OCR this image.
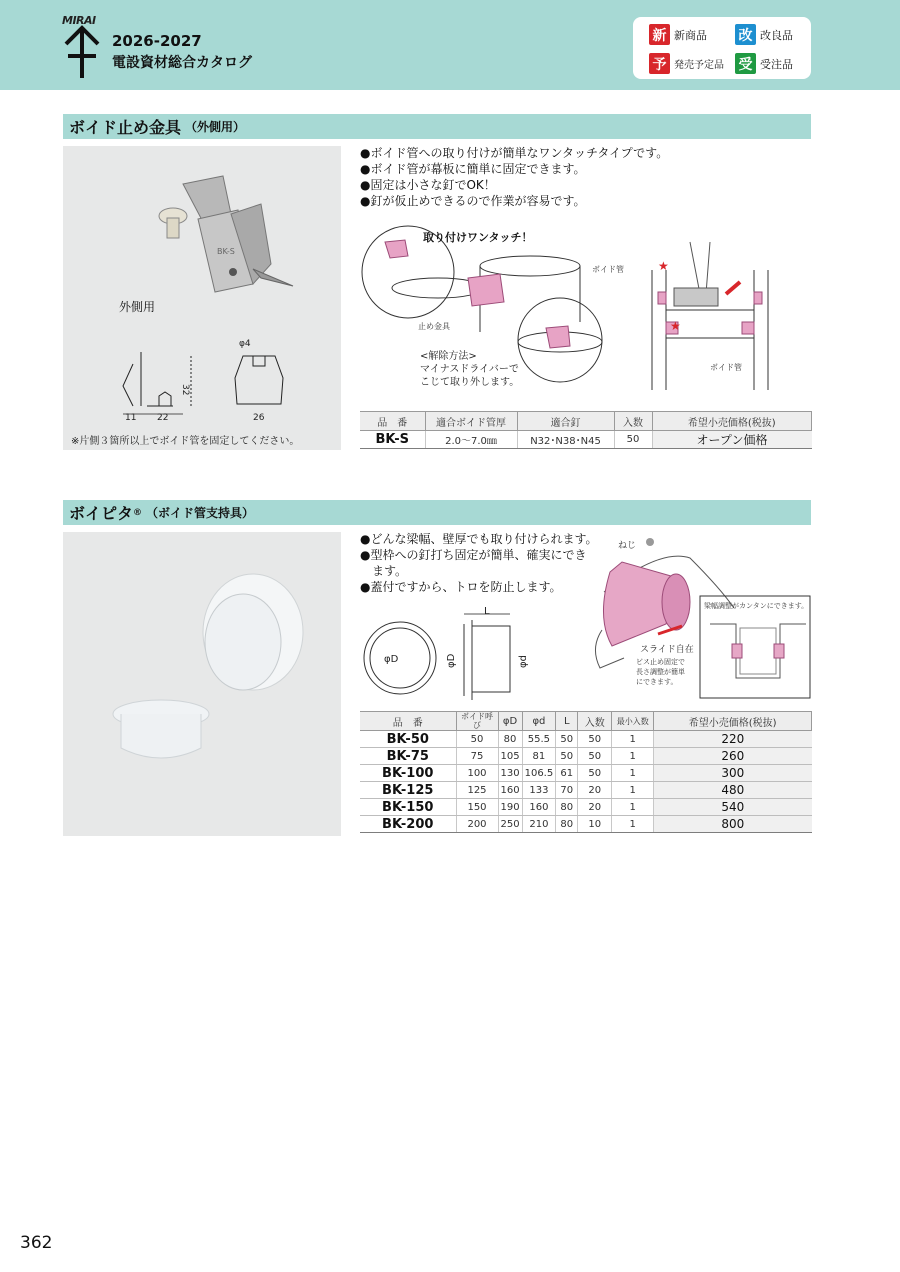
MIRAI
2026-2027
電設資材総合カタログ
新 新商品 改 改良品
予 発売予定品 受 受注品
ボイド止め金具 （外側用）
BK-S
外側用
32
φ4
11 22	26
※片側３箇所以上でボイド管を固定してください。

●ボイド管への取り付けが簡単なワンタッチタイプです。

●ボイド管が幕板に簡単に固定できます。

●固定は小さな釘でOK！

●釘が仮止めできるので作業が容易です。

★
★
取り付けワンタッチ！
ボイド管
止め金具
<解除方法>
マイナスドライバーで
こじて取り外します。
ボイド管
品　番	適合ボイド管厚	適合釘	入数	希望小売価格(税抜)
BK-S	2.0～7.0㎜	N32･N38･N45	50	オープン価格
ボイピタ ® （ボイド管支持具）

●どんな梁幅、壁厚でも取り付けられます。

●型枠への釘打ち固定が簡単、確実にでき

　ます。

●蓋付ですから、トロを防止します。

φD
L
φD	φd
ねじ
梁幅調整がカンタンにできます。
スライド自在
ビス止め固定で
長さ調整が簡単
にできます。
品　番	ボイド呼び	φD	φd	L	入数	最小入数	希望小売価格(税抜)
BK-50	50	80	55.5	50	50	1	220
BK-75	75	105	81	50	50	1	260
BK-100	100	130	106.5	61	50	1	300
BK-125	125	160	133	70	20	1	480
BK-150	150	190	160	80	20	1	540
BK-200	200	250	210	80	10	1	800
362
